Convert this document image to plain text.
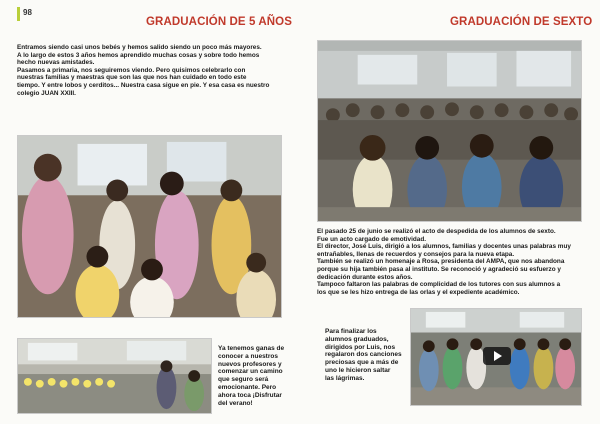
98
GRADUACIÓN DE 5 AÑOS

Entramos siendo casi unos bebés y hemos salido siendo un poco más mayores.

A lo largo de estos 3 años hemos aprendido muchas cosas y sobre todo hemos

hecho nuevas amistades.

Pasamos a primaria, nos seguiremos viendo. Pero quisimos celebrarlo con

nuestras familias y maestras que son las que nos han cuidado en todo este

tiempo. Y entre lobos y cerditos... Nuestra casa sigue en pie. Y esa casa es nuestro

colegio JUAN XXIII.

Ya tenemos ganas de

conocer a nuestros

nuevos profesores y

comenzar un camino

que seguro será

emocionante. Pero

ahora toca ¡Disfrutar

del verano!

GRADUACIÓN DE SEXTO

El pasado 25 de junio se realizó el acto de despedida de los alumnos de sexto.

Fue un acto cargado de emotividad.

El director, José Luis, dirigió a los alumnos, familias y docentes unas palabras muy

entrañables, llenas de recuerdos y consejos para la nueva etapa.

También se realizó un homenaje a Rosa, presidenta del AMPA, que nos abandona

porque su hija también pasa al instituto. Se reconoció y agradeció su esfuerzo y

dedicación durante estos años.

Tampoco faltaron las palabras de complicidad de los tutores con sus alumnos a

los que se les hizo entrega de las orlas y el expediente académico.

Para finalizar los

alumnos graduados,

dirigidos por Luis, nos

regalaron dos canciones

preciosas que a más de

uno le hicieron saltar

las lágrimas.
